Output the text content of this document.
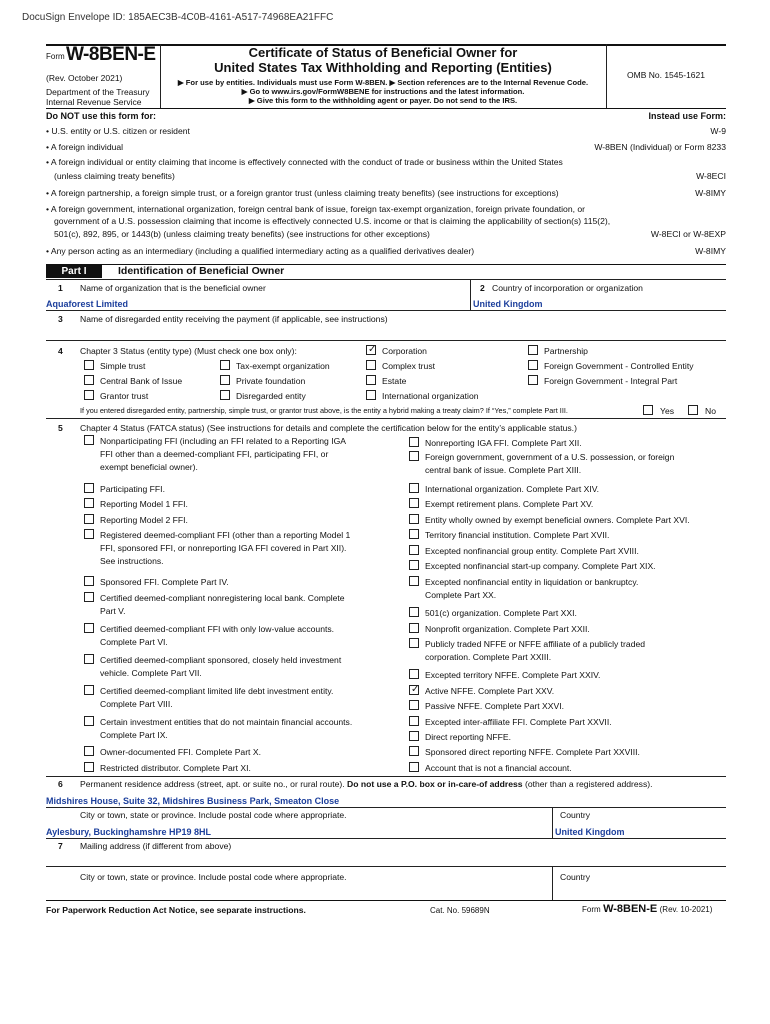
DocuSign Envelope ID: 185AEC3B-4C0B-4161-A517-74968EA21FFC
Form W-8BEN-E
(Rev. October 2021)
Department of the Treasury
Internal Revenue Service
Certificate of Status of Beneficial Owner for
United States Tax Withholding and Reporting (Entities)
▶ For use by entities. Individuals must use Form W-8BEN. ▶ Section references are to the Internal Revenue Code.
▶ Go to www.irs.gov/FormW8BENE for instructions and the latest information.
▶ Give this form to the withholding agent or payer. Do not send to the IRS.
OMB No. 1545-1621
Do NOT use this form for:	Instead use Form:
• U.S. entity or U.S. citizen or resident	W-9
• A foreign individual	W-8BEN (Individual) or Form 8233
• A foreign individual or entity claiming that income is effectively connected with the conduct of trade or business within the United States
(unless claiming treaty benefits)	W-8ECI
• A foreign partnership, a foreign simple trust, or a foreign grantor trust (unless claiming treaty benefits) (see instructions for exceptions)	W-8IMY
• A foreign government, international organization, foreign central bank of issue, foreign tax-exempt organization, foreign private foundation, or
government of a U.S. possession claiming that income is effectively connected U.S. income or that is claiming the applicability of section(s) 115(2),
501(c), 892, 895, or 1443(b) (unless claiming treaty benefits) (see instructions for other exceptions)	W-8ECI or W-8EXP
• Any person acting as an intermediary (including a qualified intermediary acting as a qualified derivatives dealer)	W-8IMY
Part I	Identification of Beneficial Owner
1 Name of organization that is the beneficial owner
Aquaforest Limited
2 Country of incorporation or organization
United Kingdom
3 Name of disregarded entity receiving the payment (if applicable, see instructions)
4 Chapter 3 Status (entity type) (Must check one box only):
✓	Corporation	Partnership
Simple trust	Tax-exempt organization	Complex trust	Foreign Government - Controlled Entity
Central Bank of Issue	Private foundation	Estate	Foreign Government - Integral Part
Grantor trust	Disregarded entity	International organization
If you entered disregarded entity, partnership, simple trust, or grantor trust above, is the entity a hybrid making a treaty claim? If “Yes,” complete Part III.	Yes	No
5 Chapter 4 Status (FATCA status) (See instructions for details and complete the certification below for the entity’s applicable status.)
Nonparticipating FFI (including an FFI related to a Reporting IGA
FFI other than a deemed-compliant FFI, participating FFI, or
exempt beneficial owner).
Participating FFI.
Reporting Model 1 FFI.
Reporting Model 2 FFI.
Registered deemed-compliant FFI (other than a reporting Model 1
FFI, sponsored FFI, or nonreporting IGA FFI covered in Part XII).
See instructions.
Sponsored FFI. Complete Part IV.
Certified deemed-compliant nonregistering local bank. Complete
Part V.
Certified deemed-compliant FFI with only low-value accounts.
Complete Part VI.
Certified deemed-compliant sponsored, closely held investment
vehicle. Complete Part VII.
Certified deemed-compliant limited life debt investment entity.
Complete Part VIII.
Certain investment entities that do not maintain financial accounts.
Complete Part IX.
Owner-documented FFI. Complete Part X.
Restricted distributor. Complete Part XI.
Nonreporting IGA FFI. Complete Part XII.
Foreign government, government of a U.S. possession, or foreign
central bank of issue. Complete Part XIII.
International organization. Complete Part XIV.
Exempt retirement plans. Complete Part XV.
Entity wholly owned by exempt beneficial owners. Complete Part XVI.
Territory financial institution. Complete Part XVII.
Excepted nonfinancial group entity. Complete Part XVIII.
Excepted nonfinancial start-up company. Complete Part XIX.
Excepted nonfinancial entity in liquidation or bankruptcy.
Complete Part XX.
501(c) organization. Complete Part XXI.
Nonprofit organization. Complete Part XXII.
Publicly traded NFFE or NFFE affiliate of a publicly traded
corporation. Complete Part XXIII.
Excepted territory NFFE. Complete Part XXIV.
✓
Active NFFE. Complete Part XXV.
Passive NFFE. Complete Part XXVI.
Excepted inter-affiliate FFI. Complete Part XXVII.
Direct reporting NFFE.
Sponsored direct reporting NFFE. Complete Part XXVIII.
Account that is not a financial account.
6 Permanent residence address (street, apt. or suite no., or rural route). Do not use a P.O. box or in-care-of address (other than a registered address).
Midshires House, Suite 32, Midshires Business Park, Smeaton Close
City or town, state or province. Include postal code where appropriate.	Country
Aylesbury, Buckinghamshre HP19 8HL	United Kingdom
7 Mailing address (if different from above)
City or town, state or province. Include postal code where appropriate.	Country
For Paperwork Reduction Act Notice, see separate instructions.	Cat. No. 59689N	Form W-8BEN-E (Rev. 10-2021)
